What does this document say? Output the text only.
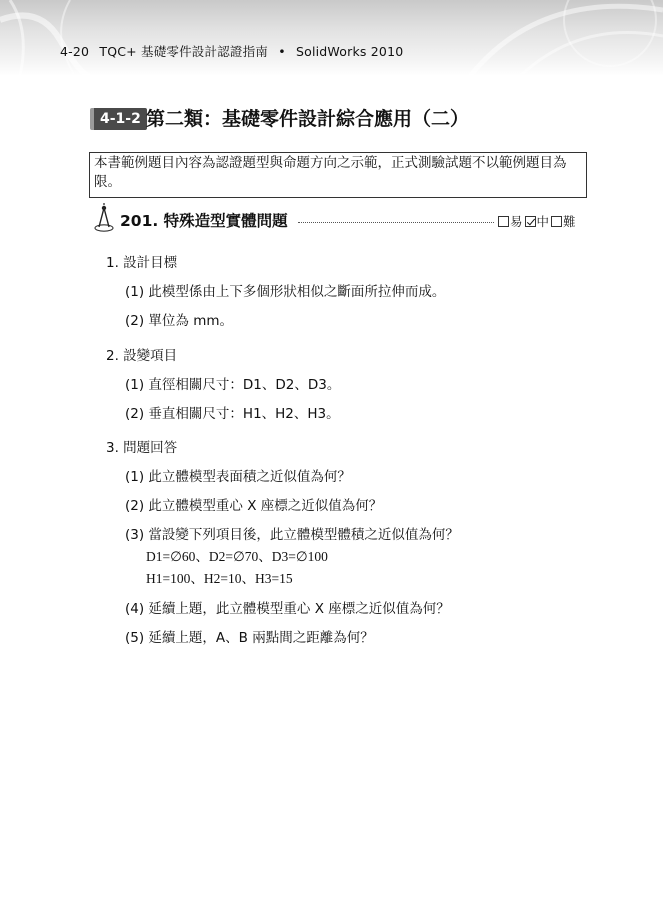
4-20 TQC+ 基礎零件設計認證指南 • SolidWorks 2010
4-1-2 第二類：基礎零件設計綜合應用（二）
本書範例題目內容為認證題型與命題方向之示範，正式測驗試題不以範例題目為限。
201. 特殊造型實體問題	易 中 難
1. 設計目標
(1) 此模型係由上下多個形狀相似之斷面所拉伸而成。
(2) 單位為 mm。
2. 設變項目
(1) 直徑相關尺寸：D1、D2、D3。
(2) 垂直相關尺寸：H1、H2、H3。
3. 問題回答
(1) 此立體模型表面積之近似值為何？
(2) 此立體模型重心 X 座標之近似值為何？
(3) 當設變下列項目後，此立體模型體積之近似值為何？
D1=∅60、D2=∅70、D3=∅100
H1=100、H2=10、H3=15
(4) 延續上題，此立體模型重心 X 座標之近似值為何？
(5) 延續上題，A、B 兩點間之距離為何？
